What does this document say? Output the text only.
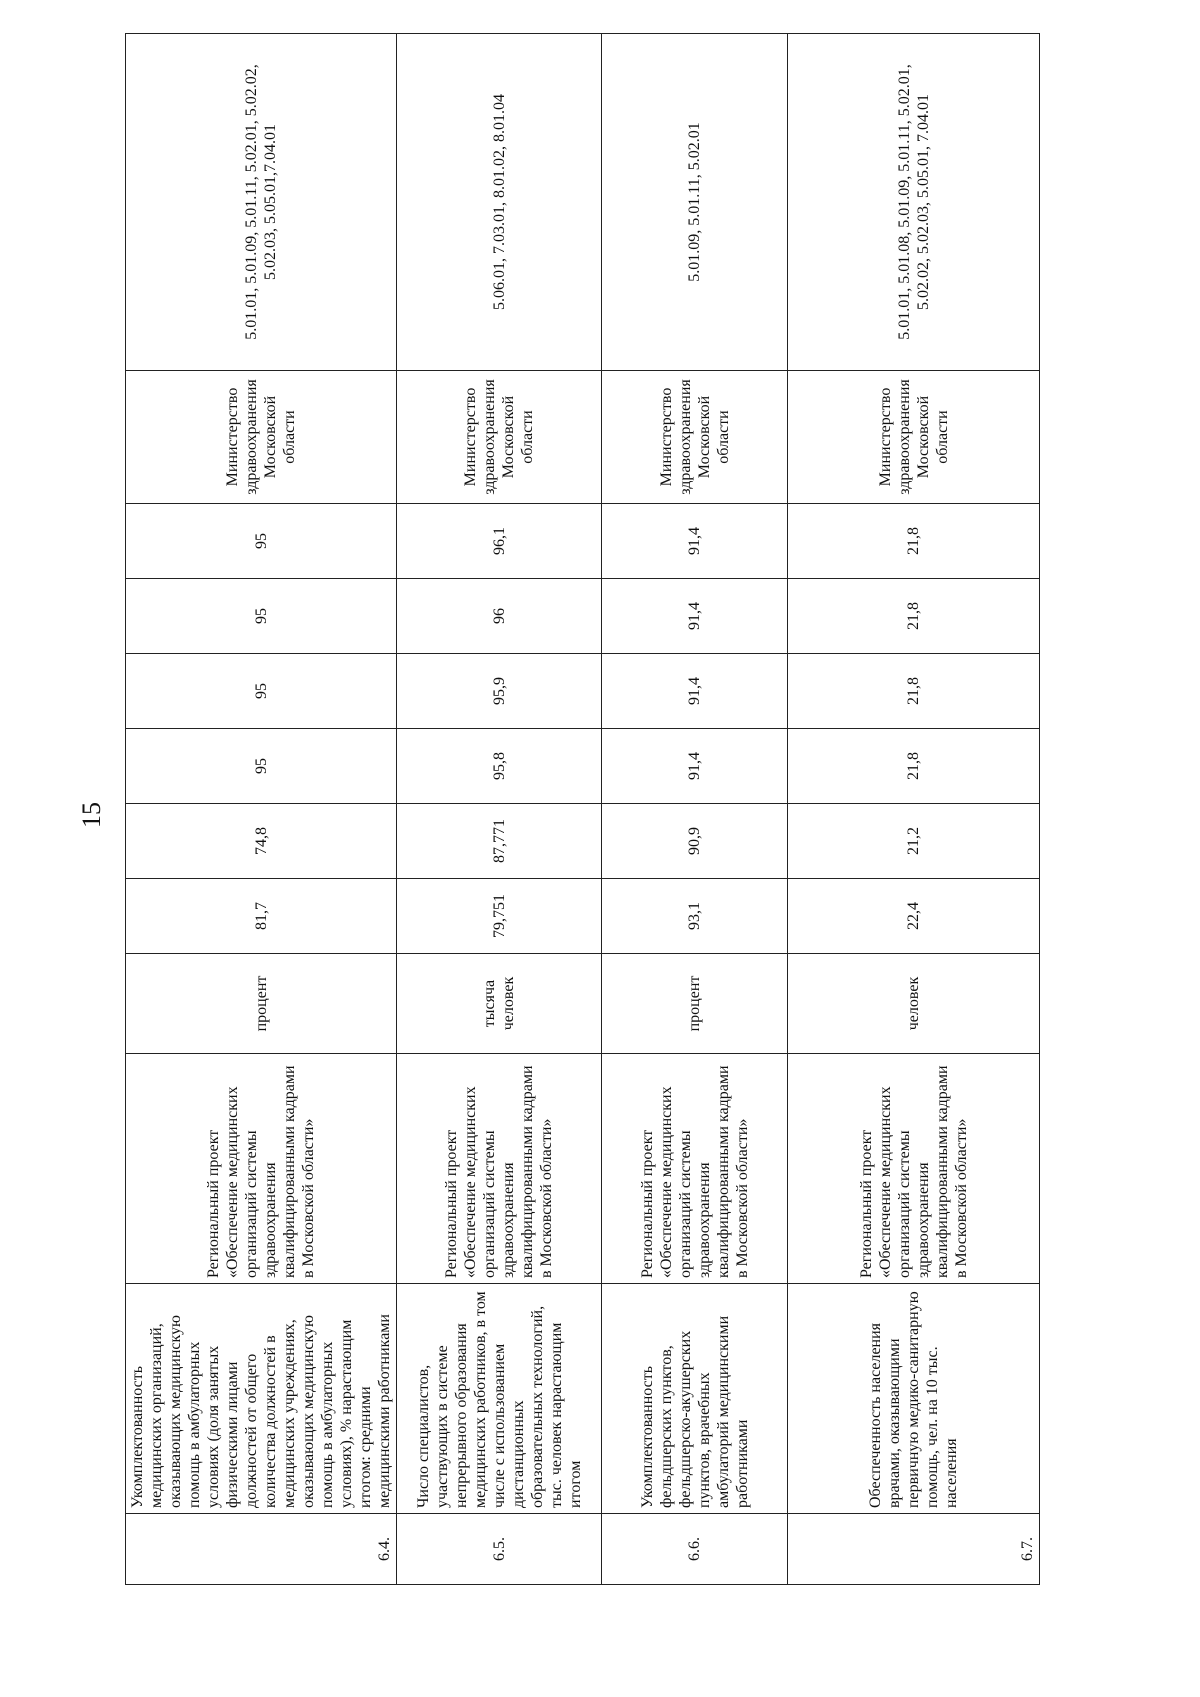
15
6.4.	Укомплектованность медицинских организаций, оказывающих медицинскую помощь в амбулаторных условиях (доля занятых физическими лицами должностей от общего количества должностей в медицинских учреждениях, оказывающих медицинскую помощь в амбулаторных условиях), % нарастающим итогом: средними медицинскими работниками	Региональный проект «Обеспечение медицинских организаций системы здравоохранения квалифицированными кадрами в Московской области»	процент	81,7	74,8	95	95	95	95	Министерство здравоохранения Московской области	5.01.01, 5.01.09, 5.01.11, 5.02.01, 5.02.02, 5.02.03, 5.05.01,7.04.01
6.5.	Число специалистов, участвующих в системе непрерывного образования медицинских работников, в том числе с использованием дистанционных образовательных технологий, тыс. человек нарастающим итогом	Региональный проект «Обеспечение медицинских организаций системы здравоохранения квалифицированными кадрами в Московской области»	тысяча человек	79,751	87,771	95,8	95,9	96	96,1	Министерство здравоохранения Московской области	5.06.01, 7.03.01, 8.01.02, 8.01.04
6.6.	Укомплектованность фельдшерских пунктов, фельдшерско-акушерских пунктов, врачебных амбулаторий медицинскими работниками	Региональный проект «Обеспечение медицинских организаций системы здравоохранения квалифицированными кадрами в Московской области»	процент	93,1	90,9	91,4	91,4	91,4	91,4	Министерство здравоохранения Московской области	5.01.09, 5.01.11, 5.02.01
6.7.	Обеспеченность населения врачами, оказывающими первичную медико-санитарную помощь, чел. на 10 тыс. населения	Региональный проект «Обеспечение медицинских организаций системы здравоохранения квалифицированными кадрами в Московской области»	человек	22,4	21,2	21,8	21,8	21,8	21,8	Министерство здравоохранения Московской области	5.01.01, 5.01.08, 5.01.09, 5.01.11, 5.02.01, 5.02.02, 5.02.03, 5.05.01, 7.04.01
